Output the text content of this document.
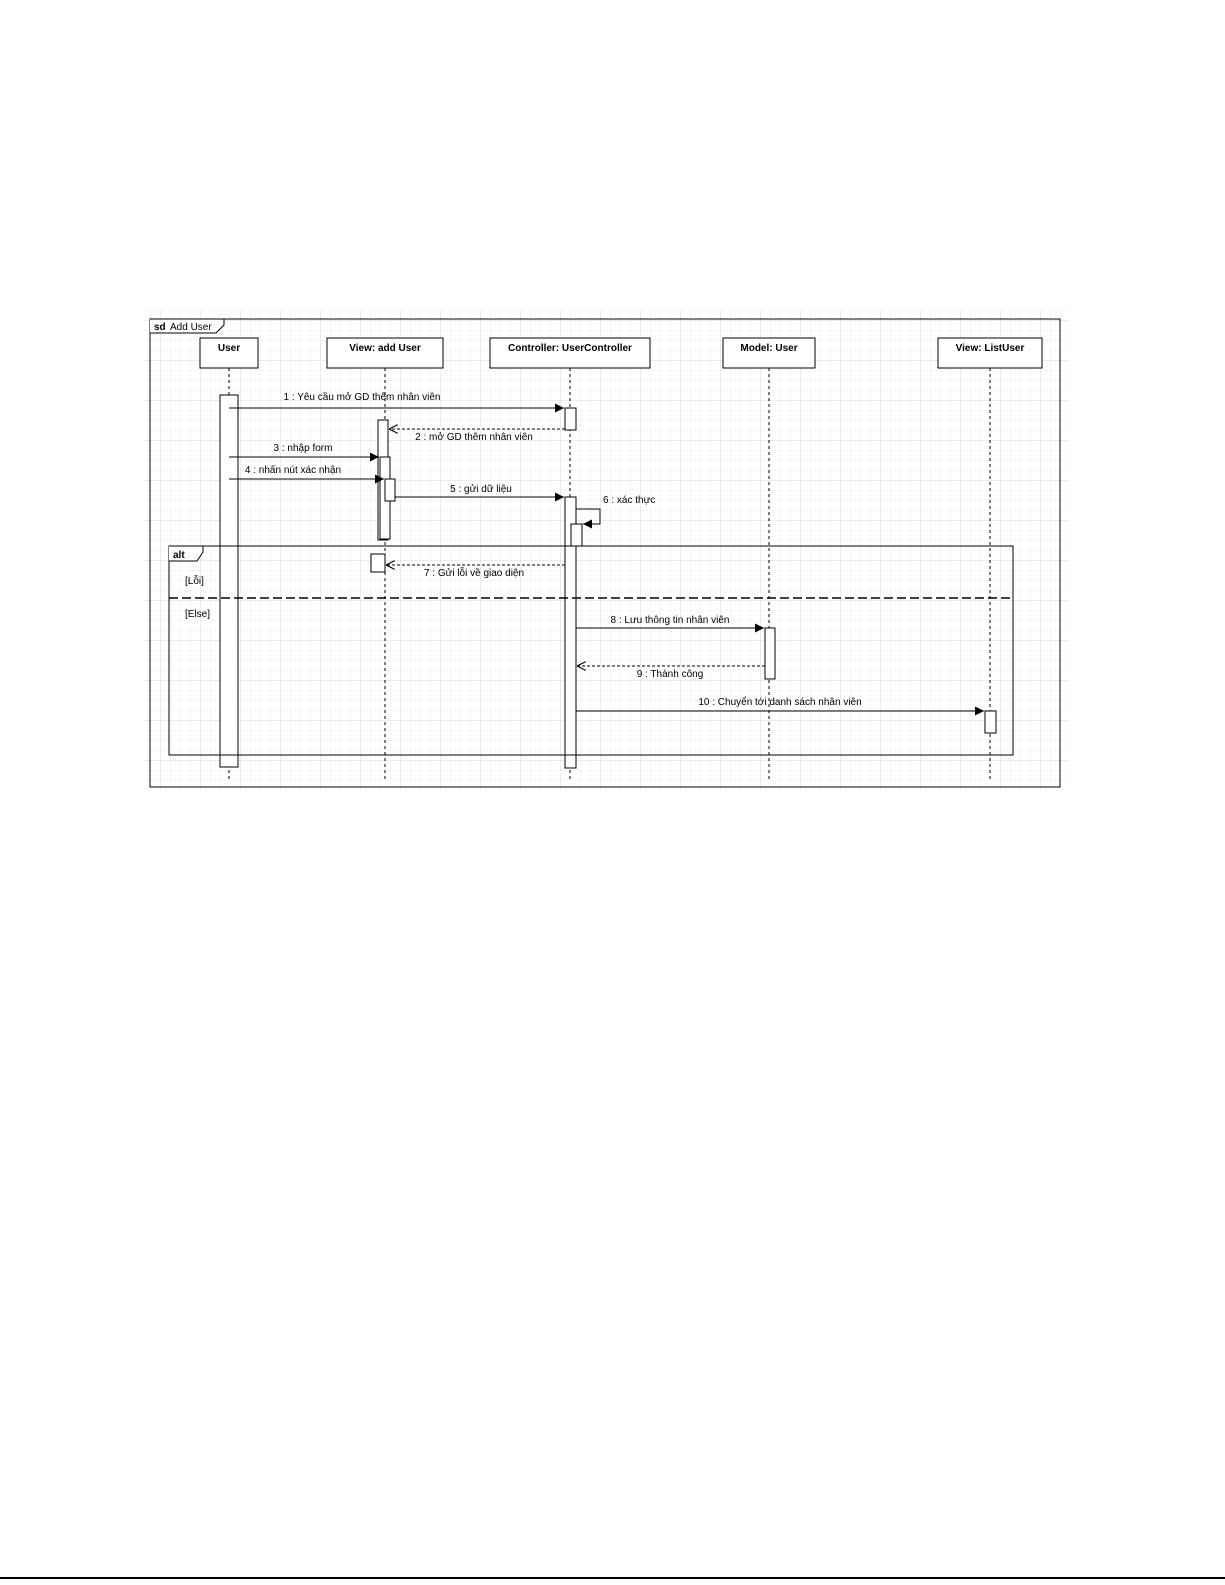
sd Add User
User	View: add User	Controller: UserController	Model: User	View: ListUser
alt
[Lỗi]
[Else]
1 : Yêu cầu mở GD thêm nhân viên
2 : mở GD thêm nhân viên
3 : nhập form
4 : nhấn nút xác nhận
5 : gửi dữ liệu
6 : xác thực
7 : Gửi lỗi về giao diện
8 : Lưu thông tin nhân viên
9 : Thành công
10 : Chuyển tới danh sách nhân viên
